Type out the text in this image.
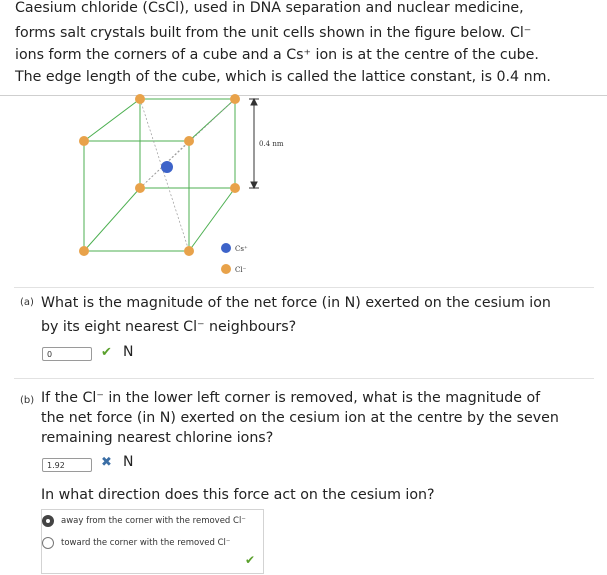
Caesium chloride (CsCl), used in DNA separation and nuclear medicine,

forms salt crystals built from the unit cells shown in the figure below. Cl⁻

ions form the corners of a cube and a Cs⁺ ion is at the centre of the cube.

The edge length of the cube, which is called the lattice constant, is 0.4 nm.

0.4 nm
Cs⁺
Cl⁻
(a) What is the magnitude of the net force (in N) exerted on the cesium ion
by its eight nearest Cl⁻ neighbours?
0	✔ N
(b) If the Cl⁻ in the lower left corner is removed, what is the magnitude of
the net force (in N) exerted on the cesium ion at the centre by the seven
remaining nearest chlorine ions?
1.92	✖ N
In what direction does this force act on the cesium ion?
away from the corner with the removed Cl⁻
toward the corner with the removed Cl⁻
✔
